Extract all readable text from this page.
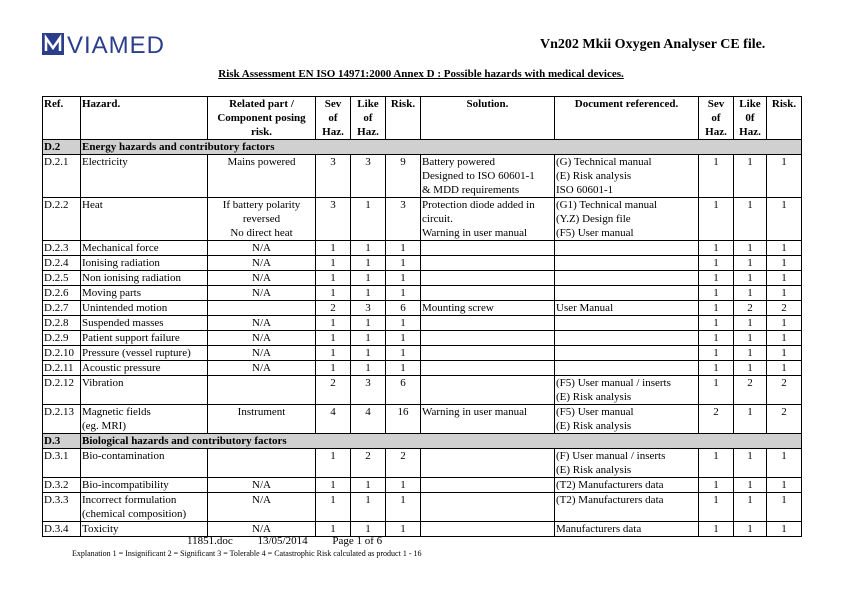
VIAMED	Vn202 Mkii Oxygen Analyser CE file.
Risk Assessment EN ISO 14971:2000 Annex D : Possible hazards with medical devices.
Ref.	Hazard.	Related part /
Component posing
risk.	Sev
of
Haz.	Like
of
Haz.	Risk.	Solution.	Document referenced.	Sev
of
Haz.	Like
0f
Haz.	Risk.
D.2	Energy hazards and contributory factors									
D.2.1	Electricity	Mains powered	3	3	9	Battery powered
Designed to ISO 60601-1
& MDD requirements	(G) Technical manual
(E) Risk analysis
ISO 60601-1	1	1	1
D.2.2	Heat	If battery polarity
reversed
No direct heat	3	1	3	Protection diode added in
circuit.
Warning in user manual	(G1) Technical manual
(Y.Z) Design file
(F5) User manual	1	1	1
D.2.3	Mechanical force	N/A	1	1	1			1	1	1
D.2.4	Ionising radiation	N/A	1	1	1			1	1	1
D.2.5	Non ionising radiation	N/A	1	1	1			1	1	1
D.2.6	Moving parts	N/A	1	1	1			1	1	1
D.2.7	Unintended motion		2	3	6	Mounting screw	User Manual	1	2	2
D.2.8	Suspended masses	N/A	1	1	1			1	1	1
D.2.9	Patient support failure	N/A	1	1	1			1	1	1
D.2.10	Pressure (vessel rupture)	N/A	1	1	1			1	1	1
D.2.11	Acoustic pressure	N/A	1	1	1			1	1	1
D.2.12	Vibration		2	3	6		(F5) User manual / inserts
(E) Risk analysis	1	2	2
D.2.13	Magnetic fields
(eg. MRI)	Instrument	4	4	16	Warning in user manual	(F5) User manual
(E) Risk analysis	2	1	2
D.3	Biological hazards and contributory factors									
D.3.1	Bio-contamination		1	2	2		(F) User manual / inserts
(E) Risk analysis	1	1	1
D.3.2	Bio-incompatibility	N/A	1	1	1		(T2) Manufacturers data	1	1	1
D.3.3	Incorrect formulation
(chemical composition)	N/A	1	1	1		(T2) Manufacturers data	1	1	1
D.3.4	Toxicity	N/A	1	1	1		Manufacturers data	1	1	1
11851.doc 13/05/2014 Page 1 of 6
Explanation 1 = Insignificant 2 = Significant 3 = Tolerable 4 = Catastrophic Risk calculated as product 1 - 16
